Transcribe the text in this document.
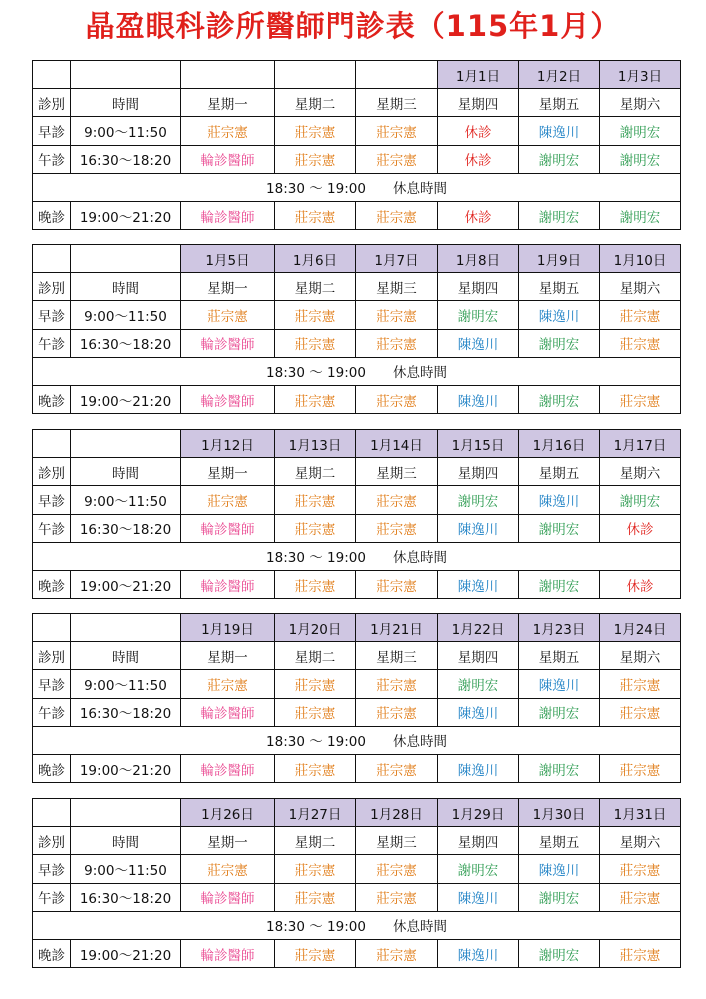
晶盈眼科診所醫師門診表（115年1月）
					1月1日	1月2日	1月3日
診別	時間	星期一	星期二	星期三	星期四	星期五	星期六
早診	9:00～11:50	莊宗憲	莊宗憲	莊宗憲	休診	陳逸川	謝明宏
午診	16:30～18:20	輪診醫師	莊宗憲	莊宗憲	休診	謝明宏	謝明宏
18:30 ～ 19:00　　休息時間							
晚診	19:00～21:20	輪診醫師	莊宗憲	莊宗憲	休診	謝明宏	謝明宏
		1月5日	1月6日	1月7日	1月8日	1月9日	1月10日
診別	時間	星期一	星期二	星期三	星期四	星期五	星期六
早診	9:00～11:50	莊宗憲	莊宗憲	莊宗憲	謝明宏	陳逸川	莊宗憲
午診	16:30～18:20	輪診醫師	莊宗憲	莊宗憲	陳逸川	謝明宏	莊宗憲
18:30 ～ 19:00　　休息時間							
晚診	19:00～21:20	輪診醫師	莊宗憲	莊宗憲	陳逸川	謝明宏	莊宗憲
		1月12日	1月13日	1月14日	1月15日	1月16日	1月17日
診別	時間	星期一	星期二	星期三	星期四	星期五	星期六
早診	9:00～11:50	莊宗憲	莊宗憲	莊宗憲	謝明宏	陳逸川	謝明宏
午診	16:30～18:20	輪診醫師	莊宗憲	莊宗憲	陳逸川	謝明宏	休診
18:30 ～ 19:00　　休息時間							
晚診	19:00～21:20	輪診醫師	莊宗憲	莊宗憲	陳逸川	謝明宏	休診
		1月19日	1月20日	1月21日	1月22日	1月23日	1月24日
診別	時間	星期一	星期二	星期三	星期四	星期五	星期六
早診	9:00～11:50	莊宗憲	莊宗憲	莊宗憲	謝明宏	陳逸川	莊宗憲
午診	16:30～18:20	輪診醫師	莊宗憲	莊宗憲	陳逸川	謝明宏	莊宗憲
18:30 ～ 19:00　　休息時間							
晚診	19:00～21:20	輪診醫師	莊宗憲	莊宗憲	陳逸川	謝明宏	莊宗憲
		1月26日	1月27日	1月28日	1月29日	1月30日	1月31日
診別	時間	星期一	星期二	星期三	星期四	星期五	星期六
早診	9:00～11:50	莊宗憲	莊宗憲	莊宗憲	謝明宏	陳逸川	莊宗憲
午診	16:30～18:20	輪診醫師	莊宗憲	莊宗憲	陳逸川	謝明宏	莊宗憲
18:30 ～ 19:00　　休息時間							
晚診	19:00～21:20	輪診醫師	莊宗憲	莊宗憲	陳逸川	謝明宏	莊宗憲
